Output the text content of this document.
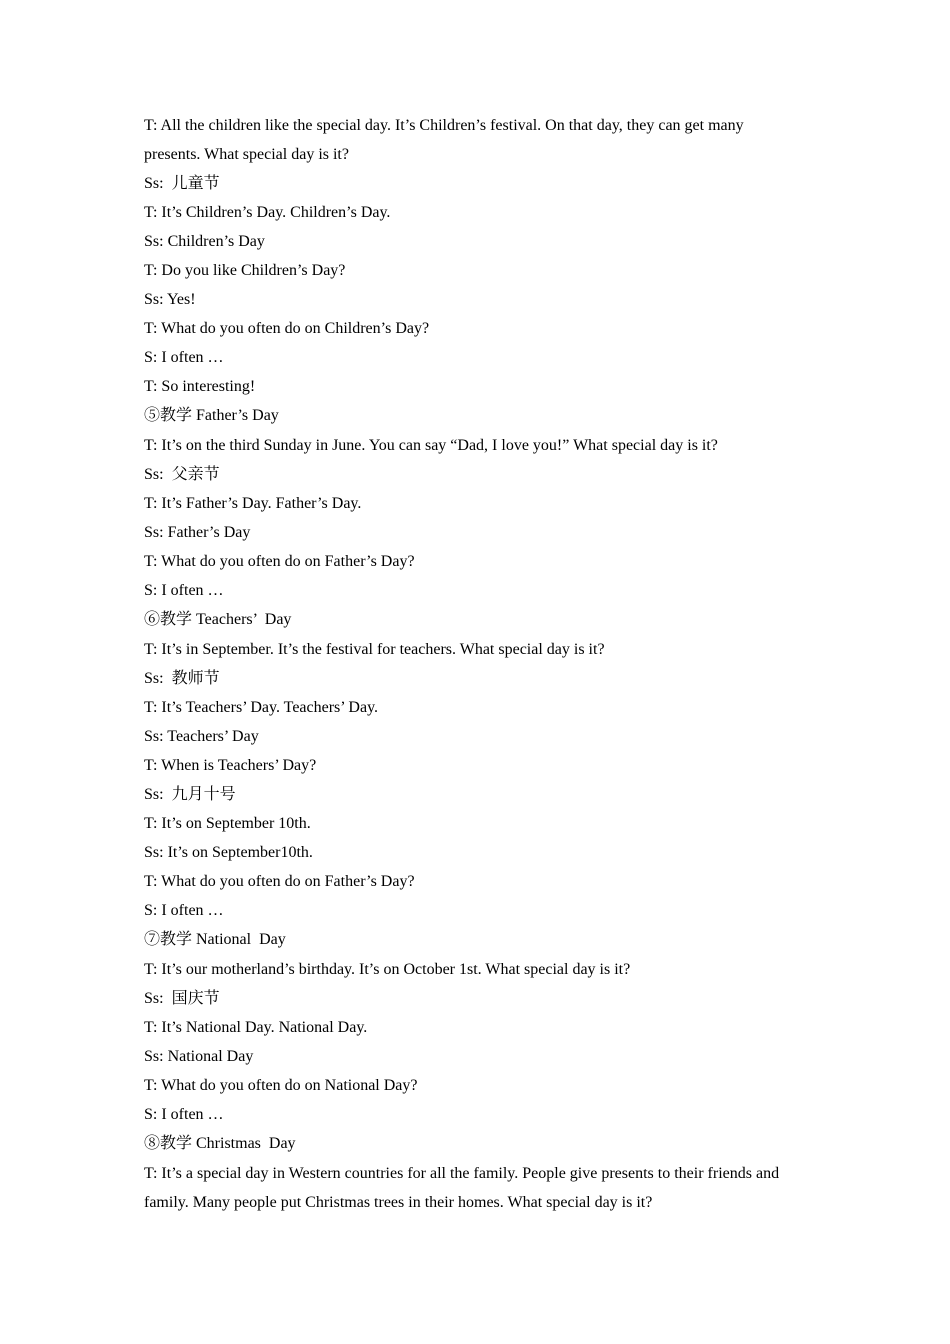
T: All the children like the special day. It’s Children’s festival. On that day, they can get many presents. What special day is it?
Ss:  儿童节
T: It’s Children’s Day. Children’s Day.
Ss: Children’s Day
T: Do you like Children’s Day?
Ss: Yes!
T: What do you often do on Children’s Day?
S: I often …
T: So interesting!
⑤教学 Father’s Day
T: It’s on the third Sunday in June. You can say “Dad, I love you!” What special day is it?
Ss:  父亲节
T: It’s Father’s Day. Father’s Day.
Ss: Father’s Day
T: What do you often do on Father’s Day?
S: I often …
⑥教学 Teachers’  Day
T: It’s in September. It’s the festival for teachers. What special day is it?
Ss:  教师节
T: It’s Teachers’ Day. Teachers’ Day.
Ss: Teachers’ Day
T: When is Teachers’ Day?
Ss:  九月十号
T: It’s on September 10th.
Ss: It’s on September10th.
T: What do you often do on Father’s Day?
S: I often …
⑦教学 National  Day
T: It’s our motherland’s birthday. It’s on October 1st. What special day is it?
Ss:  国庆节
T: It’s National Day. National Day.
Ss: National Day
T: What do you often do on National Day?
S: I often …
⑧教学 Christmas  Day
T: It’s a special day in Western countries for all the family. People give presents to their friends and family. Many people put Christmas trees in their homes. What special day is it?
